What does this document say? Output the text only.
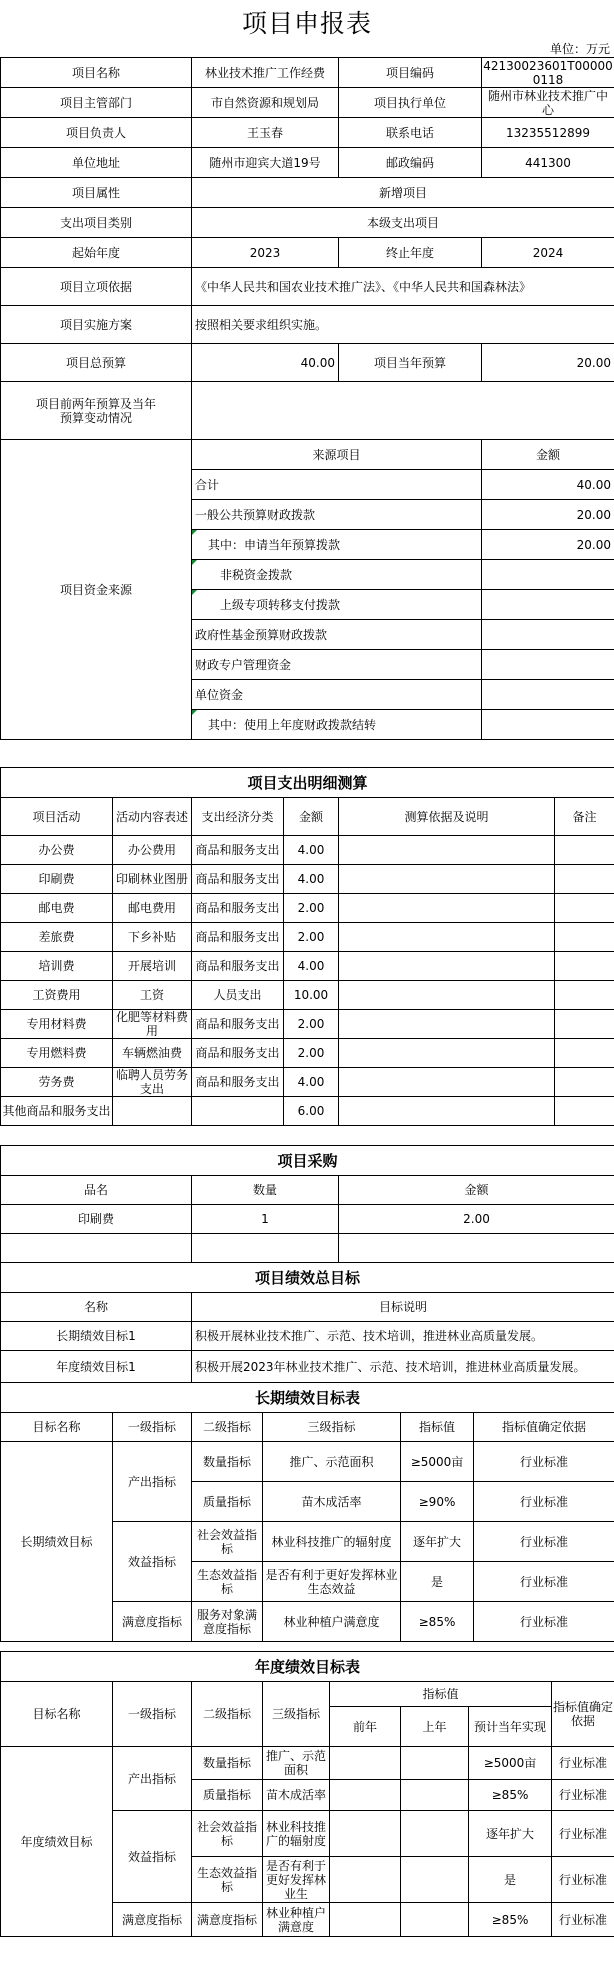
项目申报表
单位：万元
项目名称	林业技术推广工作经费	项目编码	42130023601T000000118
项目主管部门	市自然资源和规划局	项目执行单位	随州市林业技术推广中心
项目负责人	王玉春	联系电话	13235512899
单位地址	随州市迎宾大道19号	邮政编码	441300
项目属性	新增项目		
支出项目类别	本级支出项目		
起始年度	2023	终止年度	2024
项目立项依据	《中华人民共和国农业技术推广法》、《中华人民共和国森林法》		
项目实施方案	按照相关要求组织实施。		
项目总预算	40.00	项目当年预算	20.00
项目前两年预算及当年预算变动情况			
项目资金来源	来源项目		金额
	合计		40.00
	一般公共预算财政拨款		20.00
	其中：申请当年预算拨款		20.00
	非税资金拨款		
	上级专项转移支付拨款		
	政府性基金预算财政拨款		
	财政专户管理资金		
	单位资金		
	其中：使用上年度财政拨款结转		
项目支出明细测算					
项目活动	活动内容表述	支出经济分类	金额	测算依据及说明	备注
办公费	办公费用	商品和服务支出	4.00		
印刷费	印刷林业图册	商品和服务支出	4.00		
邮电费	邮电费用	商品和服务支出	2.00		
差旅费	下乡补贴	商品和服务支出	2.00		
培训费	开展培训	商品和服务支出	4.00		
工资费用	工资	人员支出	10.00		
专用材料费	化肥等材料费用	商品和服务支出	2.00		
专用燃料费	车辆燃油费	商品和服务支出	2.00		
劳务费	临聘人员劳务支出	商品和服务支出	4.00		
其他商品和服务支出			6.00		
项目采购		
品名	数量	金额
印刷费	1	2.00

项目绩效总目标	
名称	目标说明
长期绩效目标1	积极开展林业技术推广、示范、技术培训，推进林业高质量发展。
年度绩效目标1	积极开展2023年林业技术推广、示范、技术培训，推进林业高质量发展。
长期绩效目标表					
目标名称	一级指标	二级指标	三级指标	指标值	指标值确定依据
长期绩效目标	产出指标	数量指标	推广、示范面积	≥5000亩	行业标准
		质量指标	苗木成活率	≥90%	行业标准
	效益指标	社会效益指标	林业科技推广的辐射度	逐年扩大	行业标准
		生态效益指标	是否有利于更好发挥林业生态效益	是	行业标准
	满意度指标	服务对象满意度指标	林业种植户满意度	≥85%	行业标准
年度绩效目标表							
目标名称	一级指标	二级指标	三级指标	指标值			指标值确定依据
				前年	上年	预计当年实现	
年度绩效目标	产出指标	数量指标	推广、示范面积			≥5000亩	行业标准
		质量指标	苗木成活率			≥85%	行业标准
	效益指标	社会效益指标	林业科技推广的辐射度			逐年扩大	行业标准
		生态效益指标	是否有利于更好发挥林业生			是	行业标准
	满意度指标	满意度指标	林业种植户满意度			≥85%	行业标准
